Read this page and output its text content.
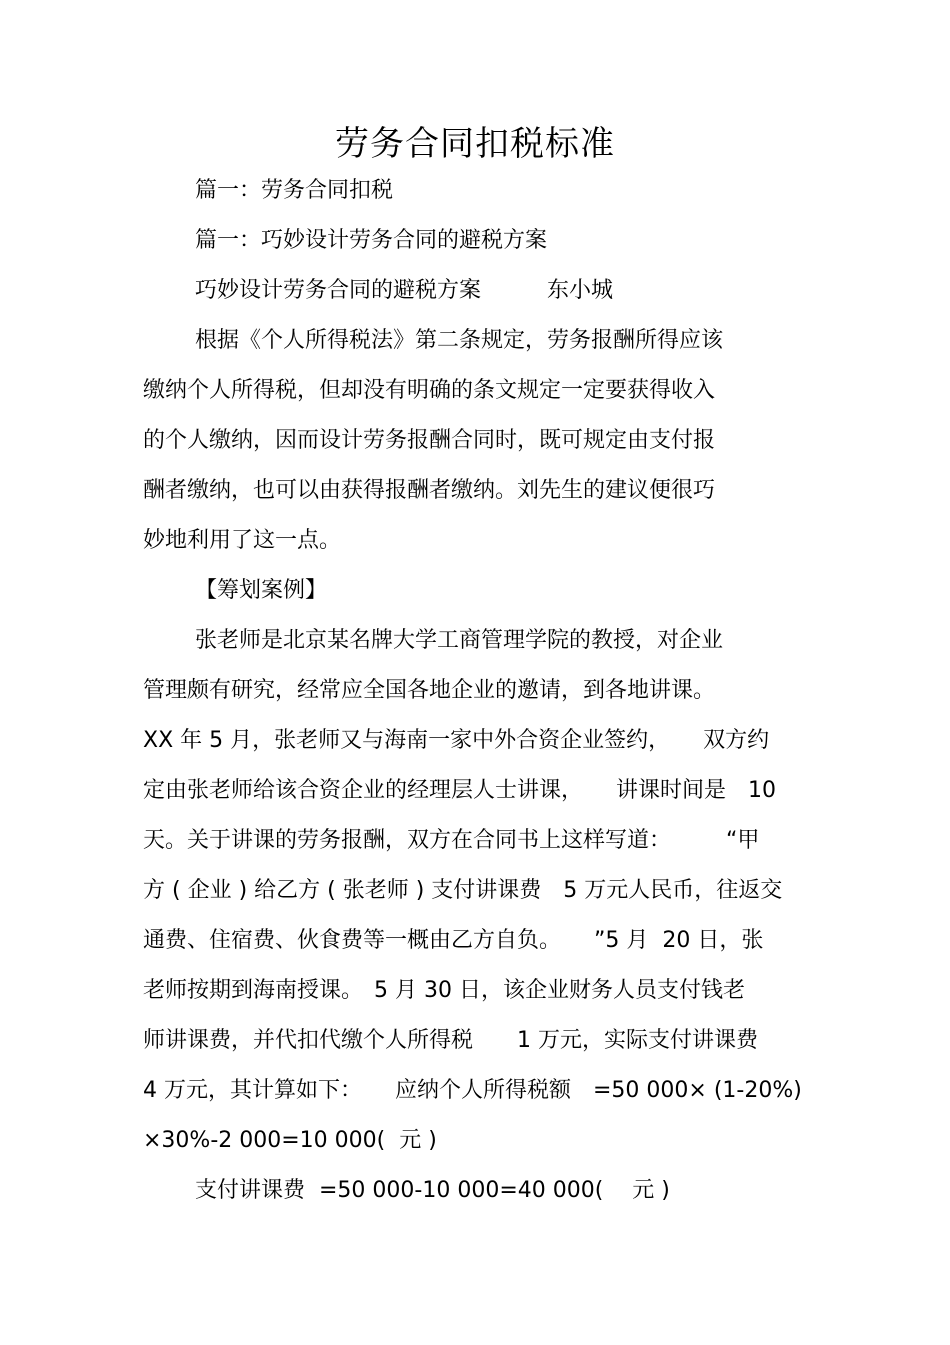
劳务合同扣税标准
篇一：劳务合同扣税
篇一：巧妙设计劳务合同的避税方案
巧妙设计劳务合同的避税方案　　　东小城
根据《个人所得税法》第二条规定，劳务报酬所得应该
缴纳个人所得税，但却没有明确的条文规定一定要获得收入
的个人缴纳，因而设计劳务报酬合同时，既可规定由支付报
酬者缴纳，也可以由获得报酬者缴纳。刘先生的建议便很巧
妙地利用了这一点。
【筹划案例】
张老师是北京某名牌大学工商管理学院的教授，对企业
管理颇有研究，经常应全国各地企业的邀请，到各地讲课。
XX 年 5 月，张老师又与海南一家中外合资企业签约，　　双方约
定由张老师给该合资企业的经理层人士讲课，　　讲课时间是　10
天。关于讲课的劳务报酬，双方在合同书上这样写道：　　　“甲
方 ( 企业 ) 给乙方 ( 张老师 ) 支付讲课费　5 万元人民币，往返交
通费、住宿费、伙食费等一概由乙方自负。　　”5 月  20 日，张
老师按期到海南授课。　5 月 30 日，该企业财务人员支付钱老
师讲课费，并代扣代缴个人所得税　　1 万元，实际支付讲课费
4 万元，其计算如下：　　应纳个人所得税额　=50 000× (1-20%)
×30%-2 000=10 000(  元 )
支付讲课费  =50 000-10 000=40 000(　 元 )
